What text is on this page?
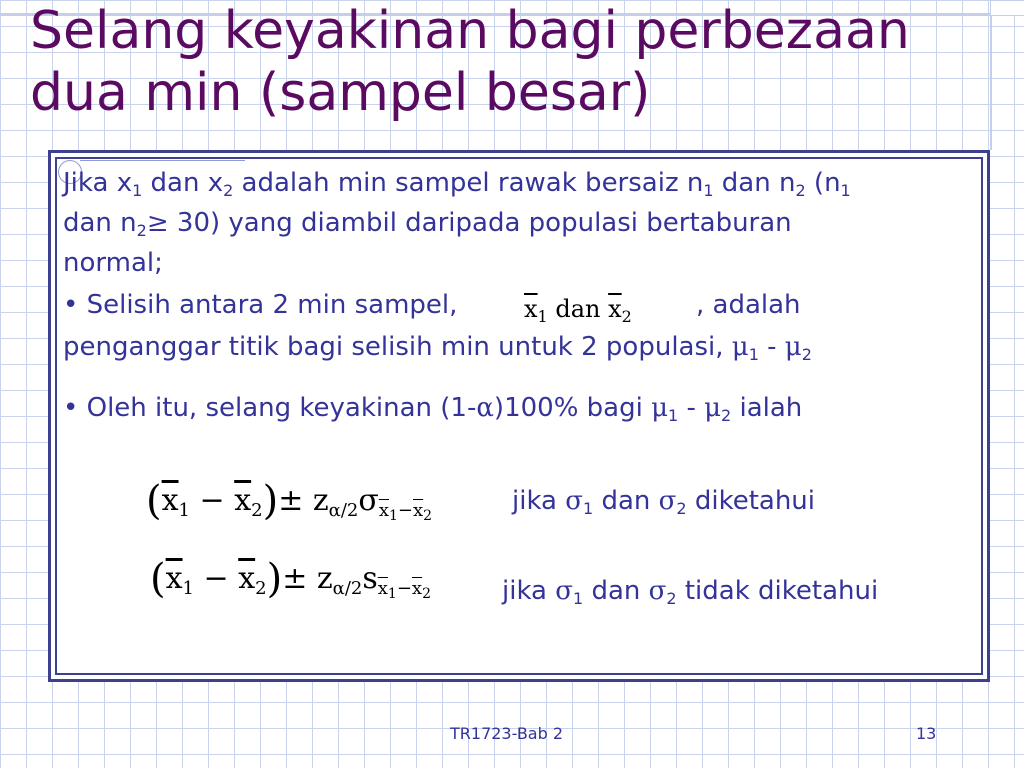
Selang keyakinan bagi perbezaan
dua min (sampel besar)

Jika $x_1$ dan $x_2$ adalah min sampel rawak bersaiz $n_1$ dan $n_2$ ($n_1$

dan $n_2\ge 30$) yang diambil daripada populasi bertaburan

normal;

• Selisih antara 2 min sampel,	$\overline{x}_1$ dan $\overline{x}_2$ , adalah

penganggar titik bagi selisih min untuk 2 populasi, $\mu_1 - \mu_2$

• Oleh itu, selang keyakinan (1-α)100% bagi $\mu_1 - \mu_2$ ialah

$(\overline{x}_1 - \overline{x}_2)\pm z_{\alpha/2}\sigma_{\overline{x}_1-\overline{x}_2}$	jika $\sigma_1$ dan $\sigma_2$ diketahui

$(\overline{x}_1 - \overline{x}_2)\pm z_{\alpha/2}s_{\overline{x}_1-\overline{x}_2}$	jika $\sigma_1$ dan $\sigma_2$ tidak diketahui

TR1723-Bab 2	13
